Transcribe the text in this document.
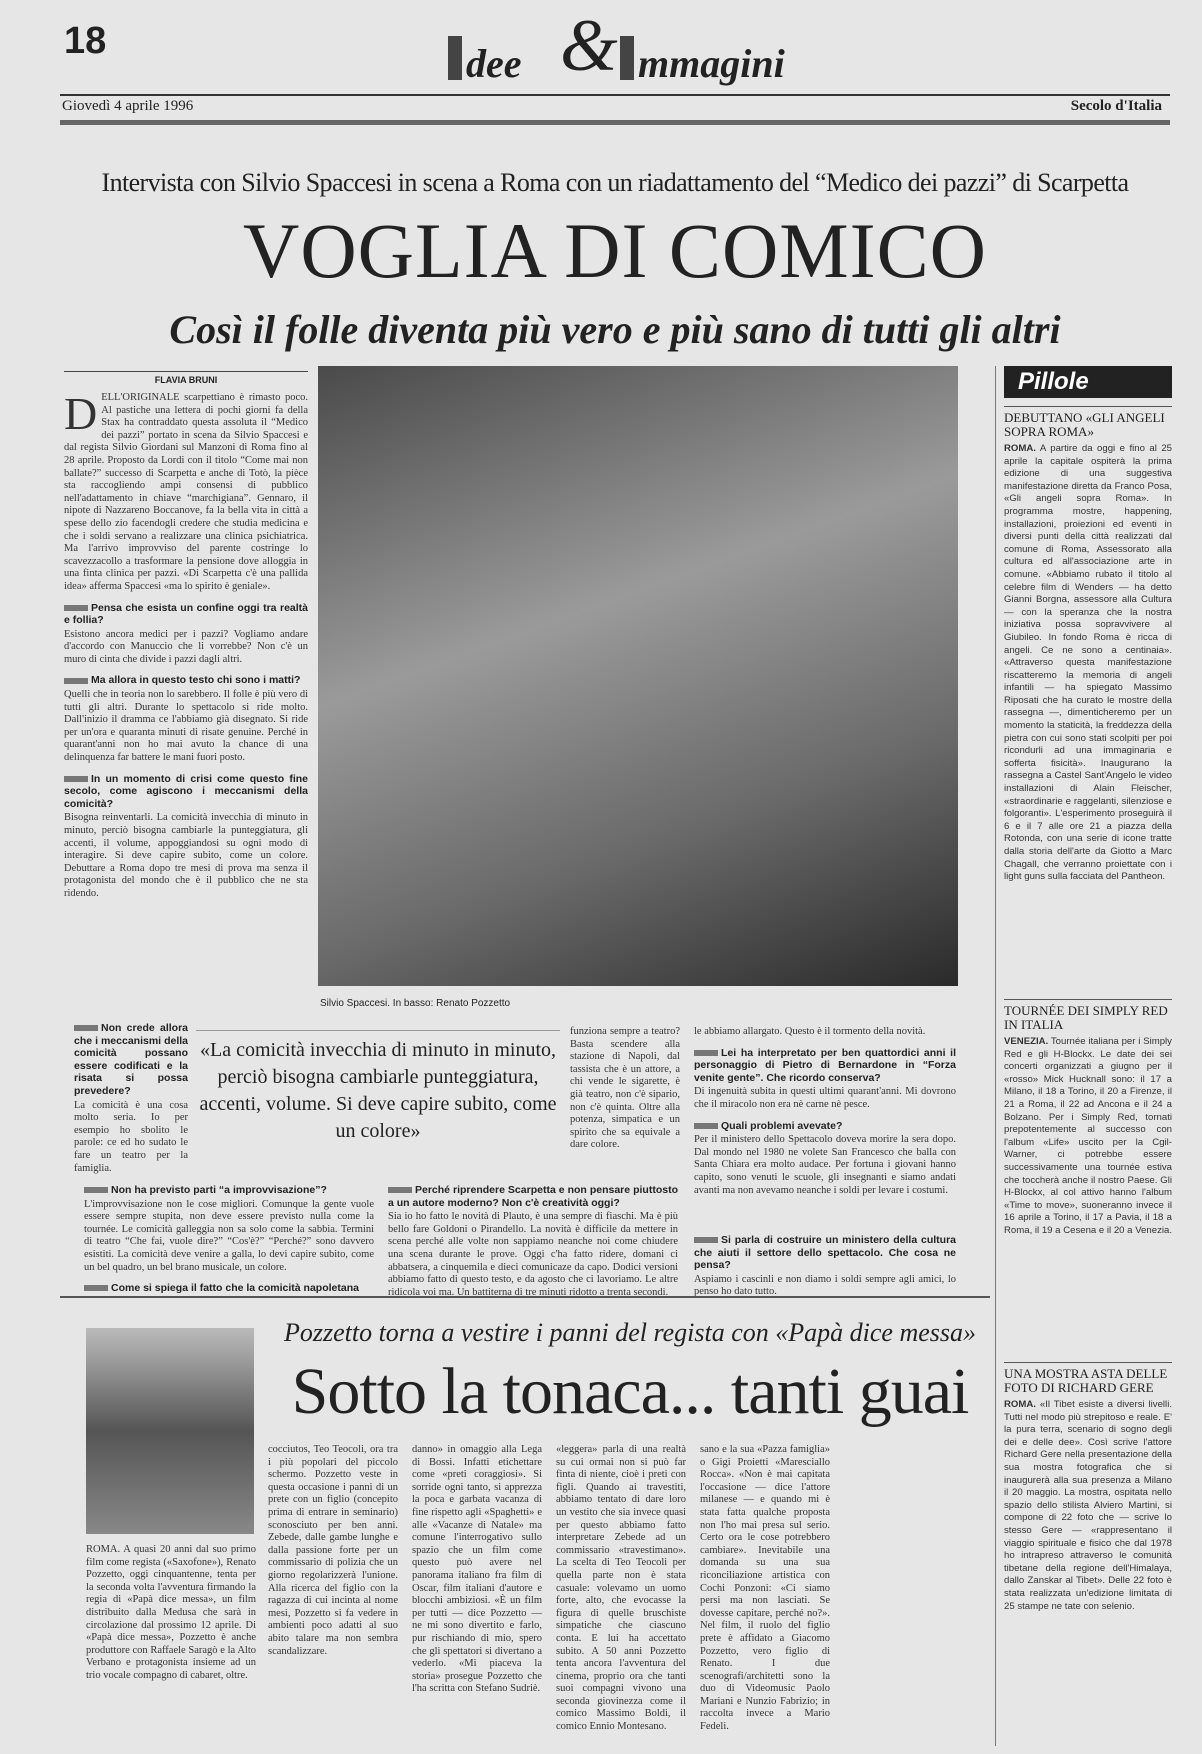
18	dee & mmagini
Giovedì 4 aprile 1996	Secolo d'Italia
Intervista con Silvio Spaccesi in scena a Roma con un riadattamento del “Medico dei pazzi” di Scarpetta
VOGLIA DI COMICO
Così il folle diventa più vero e più sano di tutti gli altri
FLAVIA BRUNI

DELL'ORIGINALE scarpettiano è rimasto poco. Al pastiche una lettera di pochi giorni fa della Stax ha contraddato questa assoluta il “Medico dei pazzi” portato in scena da Silvio Spaccesi e dal regista Silvio Giordani sul Manzoni di Roma fino al 28 aprile. Proposto da Lordi con il titolo “Come mai non ballate?” successo di Scarpetta e anche di Totò, la pièce sta raccogliendo ampi consensi di pubblico nell'adattamento in chiave “marchigiana”. Gennaro, il nipote di Nazzareno Boccanove, fa la bella vita in città a spese dello zio facendogli credere che studia medicina e che i soldi servano a realizzare una clinica psichiatrica. Ma l'arrivo improvviso del parente costringe lo scavezzacollo a trasformare la pensione dove alloggia in una finta clinica per pazzi. «Di Scarpetta c'è una pallida idea» afferma Spaccesi «ma lo spirito è geniale».

Pensa che esista un confine oggi tra realtà e follia?

Esistono ancora medici per i pazzi? Vogliamo andare d'accordo con Manuccio che li vorrebbe? Non c'è un muro di cinta che divide i pazzi dagli altri.

Ma allora in questo testo chi sono i matti?

Quelli che in teoria non lo sarebbero. Il folle è più vero di tutti gli altri. Durante lo spettacolo si ride molto. Dall'inizio il dramma ce l'abbiamo già disegnato. Si ride per un'ora e quaranta minuti di risate genuine. Perché in quarant'anni non ho mai avuto la chance di una delinquenza far battere le mani fuori posto.

In un momento di crisi come questo fine secolo, come agiscono i meccanismi della comicità?

Bisogna reinventarli. La comicità invecchia di minuto in minuto, perciò bisogna cambiarle la punteggiatura, gli accenti, il volume, appoggiandosi su ogni modo di interagire. Si deve capire subito, come un colore. Debuttare a Roma dopo tre mesi di prova ma senza il protagonista del mondo che è il pubblico che ne sta ridendo.

Non crede allora che i meccanismi della comicità possano essere codificati e la risata si possa prevedere?

La comicità è una cosa molto seria. Io per esempio ho sbolito le parole: ce ed ho sudato le fare un teatro per la famiglia.

Silvio Spaccesi. In basso: Renato Pozzetto
«La comicità invecchia di minuto in minuto, perciò bisogna cambiarle punteggiatura, accenti, volume. Si deve capire subito, come un colore»
funziona sempre a teatro? Basta scendere alla stazione di Napoli, dal tassista che è un attore, a chi vende le sigarette, è già teatro, non c'è sipario, non c'è quinta. Oltre alla potenza, simpatica e un spirito che sa equivale a dare colore.

le abbiamo allargato. Questo è il tormento della novità.

Lei ha interpretato per ben quattordici anni il personaggio di Pietro di Bernardone in “Forza venite gente”. Che ricordo conserva?

Di ingenuità subita in questi ultimi quarant'anni. Mi dovrono che il miracolo non era nè carne nè pesce.

Quali problemi avevate?

Per il ministero dello Spettacolo doveva morire la sera dopo. Dal mondo nel 1980 ne volete San Francesco che balla con Santa Chiara era molto audace. Per fortuna i giovani hanno capito, sono venuti le scuole, gli insegnanti e siamo andati avanti ma non avevamo neanche i soldi per levare i costumi.

Non ha previsto parti “a improvvisazione”?

L'improvvisazione non le cose migliori. Comunque la gente vuole essere sempre stupita, non deve essere previsto nulla come la tournée. Le comicità galleggia non sa solo come la sabbia. Termini di teatro “Che fai, vuole dire?” “Cos'è?” “Perché?” sono davvero esistiti. La comicità deve venire a galla, lo devi capire subito, come un bel quadro, un bel brano musicale, un colore.

Come si spiega il fatto che la comicità napoletana
Perché riprendere Scarpetta e non pensare piuttosto a un autore moderno? Non c'è creatività oggi?

Sia io ho fatto le novità di Plauto, è una sempre di fiaschi. Ma è più bello fare Goldoni o Pirandello. La novità è difficile da mettere in scena perché alle volte non sappiamo neanche noi come chiudere una scena durante le prove. Oggi c'ha fatto ridere, domani ci abbatsera, a cinquemila e dieci comunicaze da capo. Dodici versioni abbiamo fatto di questo testo, e da agosto che ci lavoriamo. Le altre ridicola voi ma. Un battiterna di tre minuti ridotto a trenta secondi.

Si parla di costruire un ministero della cultura che aiuti il settore dello spettacolo. Che cosa ne pensa?

Aspiamo i cascinli e non diamo i soldi sempre agli amici, lo penso ho dato tutto.

Pillole
DEBUTTANO «GLI ANGELI SOPRA ROMA»
ROMA. A partire da oggi e fino al 25 aprile la capitale ospiterà la prima edizione di una suggestiva manifestazione diretta da Franco Posa, «Gli angeli sopra Roma». In programma mostre, happening, installazioni, proiezioni ed eventi in diversi punti della città realizzati dal comune di Roma, Assessorato alla cultura ed all'associazione arte in comune. «Abbiamo rubato il titolo al celebre film di Wenders — ha detto Gianni Borgna, assessore alla Cultura — con la speranza che la nostra iniziativa possa sopravvivere al Giubileo. In fondo Roma è ricca di angeli. Ce ne sono a centinaia». «Attraverso questa manifestazione riscatteremo la memoria di angeli infantili — ha spiegato Massimo Riposati che ha curato le mostre della rassegna —, dimenticheremo per un momento la staticità, la freddezza della pietra con cui sono stati scolpiti per poi ricondurli ad una immaginaria e sofferta fisicità». Inaugurano la rassegna a Castel Sant'Angelo le video installazioni di Alain Fleischer, «straordinarie e raggelanti, silenziose e folgoranti». L'esperimento proseguirà il 6 e il 7 alle ore 21 a piazza della Rotonda, con una serie di icone tratte dalla storia dell'arte da Giotto a Marc Chagall, che verranno proiettate con i light guns sulla facciata del Pantheon.
TOURNÉE DEI SIMPLY RED IN ITALIA
VENEZIA. Tournée italiana per i Simply Red e gli H-Blockx. Le date dei sei concerti organizzati a giugno per il «rosso» Mick Hucknall sono: il 17 a Milano, il 18 a Torino, il 20 a Firenze, il 21 a Roma, il 22 ad Ancona e il 24 a Bolzano. Per i Simply Red, tornati prepotentemente al successo con l'album «Life» uscito per la Cgil-Warner, ci potrebbe essere successivamente una tournée estiva che toccherà anche il nostro Paese. Gli H-Blockx, al col attivo hanno l'album «Time to move», suoneranno invece il 16 aprile a Torino, il 17 a Pavia, il 18 a Roma, il 19 a Cesena e il 20 a Venezia.
UNA MOSTRA ASTA DELLE FOTO DI RICHARD GERE
ROMA. «Il Tibet esiste a diversi livelli. Tutti nel modo più strepitoso e reale. E' la pura terra, scenario di sogno degli dei e delle dee». Così scrive l'attore Richard Gere nella presentazione della sua mostra fotografica che si inaugurerà alla sua presenza a Milano il 20 maggio. La mostra, ospitata nello spazio dello stilista Alviero Martini, si compone di 22 foto che — scrive lo stesso Gere — «rappresentano il viaggio spirituale e fisico che dal 1978 ho intrapreso attraverso le comunità tibetane della regione dell'Himalaya, dallo Zanskar al Tibet». Delle 22 foto è stata realizzata un'edizione limitata di 25 stampe ne tate con selenio.
Pozzetto torna a vestire i panni del regista con «Papà dice messa»
Sotto la tonaca... tanti guai
ROMA. A quasi 20 anni dal suo primo film come regista («Saxofone»), Renato Pozzetto, oggi cinquantenne, tenta per la seconda volta l'avventura firmando la regia di «Papà dice messa», un film distribuito dalla Medusa che sarà in circolazione dal prossimo 12 aprile. Di «Papà dice messa», Pozzetto è anche produttore con Raffaele Saragò e la Alto Verbano e protagonista insieme ad un trio vocale compagno di cabaret, oltre.
cocciutos, Teo Teocoli, ora tra i più popolari del piccolo schermo. Pozzetto veste in questa occasione i panni di un prete con un figlio (concepito prima di entrare in seminario) sconosciuto per ben anni. Zebede, dalle gambe lunghe e dalla passione forte per un commissario di polizia che un giorno regolarizzerà l'unione. Alla ricerca del figlio con la ragazza di cui incinta al nome mesi, Pozzetto si fa vedere in ambienti poco adatti al suo abito talare ma non sembra scandalizzare.
danno» in omaggio alla Lega di Bossi. Infatti etichettare come «preti coraggiosi». Si sorride ogni tanto, si apprezza la poca e garbata vacanza di fine rispetto agli «Spaghetti» e alle «Vacanze di Natale» ma comune l'interrogativo sullo spazio che un film come questo può avere nel panorama italiano fra film di Oscar, film italiani d'autore e blocchi ambiziosi. «È un film per tutti — dice Pozzetto — ne mi sono divertito e farlo, pur rischiando di mio, spero che gli spettatori si divertano a vederlo. «Mi piaceva la storia» prosegue Pozzetto che l'ha scritta con Stefano Sudriè.
«leggera» parla di una realtà su cui ormai non si può far finta di niente, cioè i preti con figli. Quando ai travestiti, abbiamo tentato di dare loro un vestito che sia invece quasi per questo abbiamo fatto interpretare Zebede ad un commissario «travestimano». La scelta di Teo Teocoli per quella parte non è stata casuale: volevamo un uomo forte, alto, che evocasse la figura di quelle bruschiste simpatiche che ciascuno conta. E lui ha accettato subito. A 50 anni Pozzetto tenta ancora l'avventura del cinema, proprio ora che tanti suoi compagni vivono una seconda giovinezza come il comico Massimo Boldi, il comico Ennio Montesano.
sano e la sua «Pazza famiglia» o Gigi Proietti «Maresciallo Rocca». «Non è mai capitata l'occasione — dice l'attore milanese — e quando mi è stata fatta qualche proposta non l'ho mai presa sul serio. Certo ora le cose potrebbero cambiare». Inevitabile una domanda su una sua riconciliazione artistica con Cochi Ponzoni: «Ci siamo persi ma non lasciati. Se dovesse capitare, perché no?». Nel film, il ruolo del figlio prete è affidato a Giacomo Pozzetto, vero figlio di Renato. I due scenografi/architetti sono la duo di Videomusic Paolo Mariani e Nunzio Fabrizio; in raccolta invece a Mario Fedeli.
